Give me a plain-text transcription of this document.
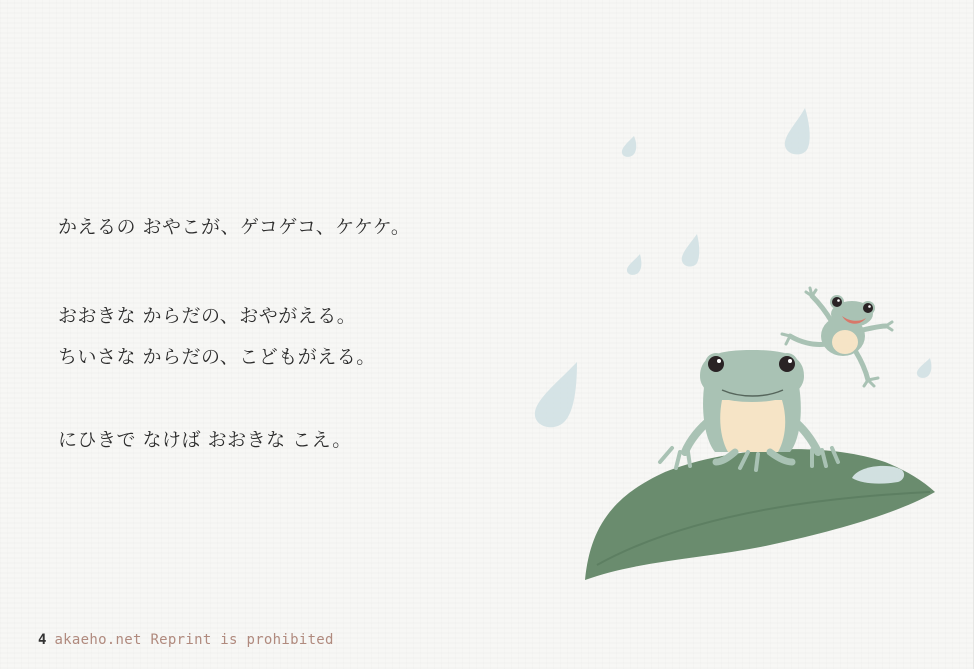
かえるの おやこが、ゲコゲコ、ケケケ。
おおきな からだの、おやがえる。
ちいさな からだの、こどもがえる。
にひきで なけば おおきな こえ。
4 akaeho.net Reprint is prohibited
